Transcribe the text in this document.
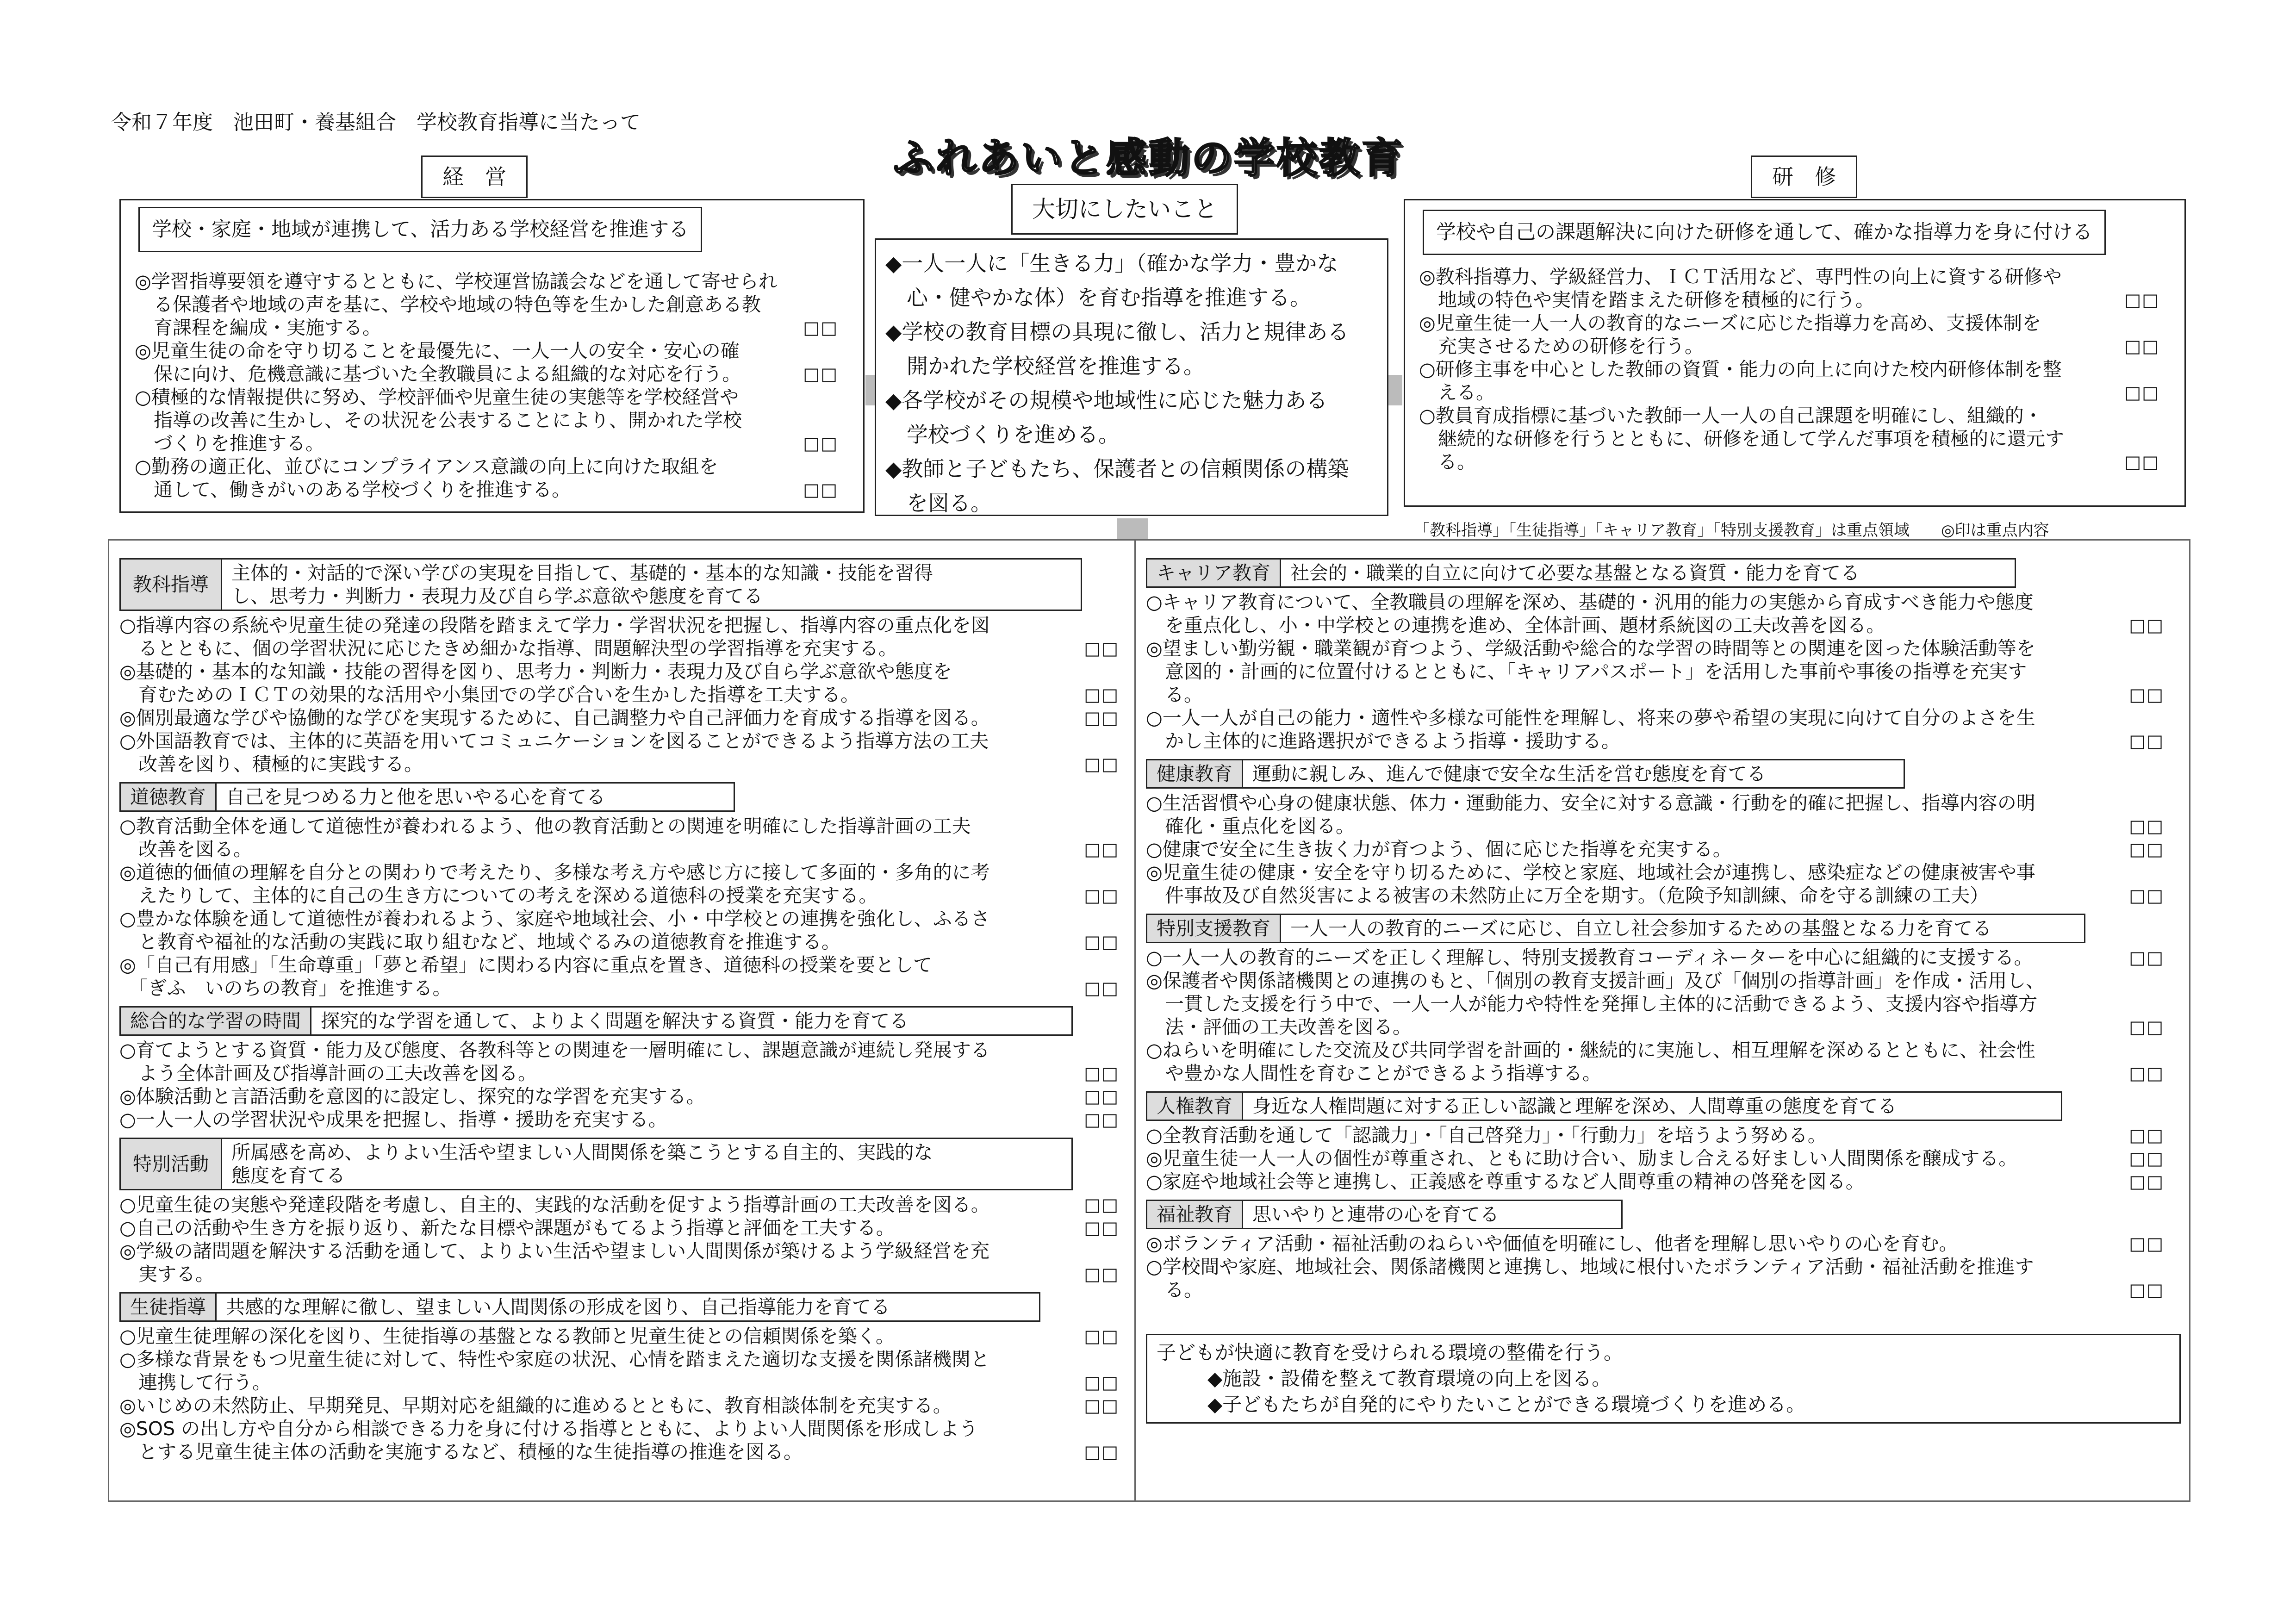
令和７年度　池田町・養基組合　学校教育指導に当たって
ふれあいと感動の学校教育
経　営
学校・家庭・地域が連携して、活力ある学校経営を推進する
◎学習指導要領を遵守するとともに、学校運営協議会などを通して寄せられ
　る保護者や地域の声を基に、学校や地域の特色等を生かした創意ある教
　育課程を編成・実施する。	□□
◎児童生徒の命を守り切ることを最優先に、一人一人の安全・安心の確
　保に向け、危機意識に基づいた全教職員による組織的な対応を行う。	□□
○積極的な情報提供に努め、学校評価や児童生徒の実態等を学校経営や
　指導の改善に生かし、その状況を公表することにより、開かれた学校
　づくりを推進する。	□□
○勤務の適正化、並びにコンプライアンス意識の向上に向けた取組を
　通して、働きがいのある学校づくりを推進する。	□□
大切にしたいこと
◆一人一人に「生きる力」（確かな学力・豊かな
　心・健やかな体）を育む指導を推進する。
◆学校の教育目標の具現に徹し、活力と規律ある
　開かれた学校経営を推進する。
◆各学校がその規模や地域性に応じた魅力ある
　学校づくりを進める。
◆教師と子どもたち、保護者との信頼関係の構築
　を図る。
研　修
学校や自己の課題解決に向けた研修を通して、確かな指導力を身に付ける
◎教科指導力、学級経営力、ＩＣＴ活用など、専門性の向上に資する研修や
　地域の特色や実情を踏まえた研修を積極的に行う。	□□
◎児童生徒一人一人の教育的なニーズに応じた指導力を高め、支援体制を
　充実させるための研修を行う。	□□
○研修主事を中心とした教師の資質・能力の向上に向けた校内研修体制を整
　える。	□□
○教員育成指標に基づいた教師一人一人の自己課題を明確にし、組織的・
　継続的な研修を行うとともに、研修を通して学んだ事項を積極的に還元す
　る。	□□
「教科指導」「生徒指導」「キャリア教育」「特別支援教育」は重点領域　　◎印は重点内容
教科指導
主体的・対話的で深い学びの実現を目指して、基礎的・基本的な知識・技能を習得
し、思考力・判断力・表現力及び自ら学ぶ意欲や態度を育てる
○指導内容の系統や児童生徒の発達の段階を踏まえて学力・学習状況を把握し、指導内容の重点化を図
　るとともに、個の学習状況に応じたきめ細かな指導、問題解決型の学習指導を充実する。	□□
◎基礎的・基本的な知識・技能の習得を図り、思考力・判断力・表現力及び自ら学ぶ意欲や態度を
　育むためのＩＣＴの効果的な活用や小集団での学び合いを生かした指導を工夫する。	□□
◎個別最適な学びや協働的な学びを実現するために、自己調整力や自己評価力を育成する指導を図る。	□□
○外国語教育では、主体的に英語を用いてコミュニケーションを図ることができるよう指導方法の工夫
　改善を図り、積極的に実践する。	□□
道徳教育	自己を見つめる力と他を思いやる心を育てる
○教育活動全体を通して道徳性が養われるよう、他の教育活動との関連を明確にした指導計画の工夫
　改善を図る。	□□
◎道徳的価値の理解を自分との関わりで考えたり、多様な考え方や感じ方に接して多面的・多角的に考
　えたりして、主体的に自己の生き方についての考えを深める道徳科の授業を充実する。	□□
○豊かな体験を通して道徳性が養われるよう、家庭や地域社会、小・中学校との連携を強化し、ふるさ
　と教育や福祉的な活動の実践に取り組むなど、地域ぐるみの道徳教育を推進する。	□□
◎「自己有用感」「生命尊重」「夢と希望」に関わる内容に重点を置き、道徳科の授業を要として
　「ぎふ　いのちの教育」を推進する。	□□
総合的な学習の時間	探究的な学習を通して、よりよく問題を解決する資質・能力を育てる
○育てようとする資質・能力及び態度、各教科等との関連を一層明確にし、課題意識が連続し発展する
　よう全体計画及び指導計画の工夫改善を図る。	□□
◎体験活動と言語活動を意図的に設定し、探究的な学習を充実する。	□□
○一人一人の学習状況や成果を把握し、指導・援助を充実する。	□□
特別活動
所属感を高め、よりよい生活や望ましい人間関係を築こうとする自主的、実践的な
態度を育てる
○児童生徒の実態や発達段階を考慮し、自主的、実践的な活動を促すよう指導計画の工夫改善を図る。	□□
○自己の活動や生き方を振り返り、新たな目標や課題がもてるよう指導と評価を工夫する。	□□
◎学級の諸問題を解決する活動を通して、よりよい生活や望ましい人間関係が築けるよう学級経営を充
　実する。	□□
生徒指導	共感的な理解に徹し、望ましい人間関係の形成を図り、自己指導能力を育てる
○児童生徒理解の深化を図り、生徒指導の基盤となる教師と児童生徒との信頼関係を築く。	□□
○多様な背景をもつ児童生徒に対して、特性や家庭の状況、心情を踏まえた適切な支援を関係諸機関と
　連携して行う。	□□
◎いじめの未然防止、早期発見、早期対応を組織的に進めるとともに、教育相談体制を充実する。	□□
◎SOS の出し方や自分から相談できる力を身に付ける指導とともに、よりよい人間関係を形成しよう
　とする児童生徒主体の活動を実施するなど、積極的な生徒指導の推進を図る。	□□
キャリア教育	社会的・職業的自立に向けて必要な基盤となる資質・能力を育てる
○キャリア教育について、全教職員の理解を深め、基礎的・汎用的能力の実態から育成すべき能力や態度
　を重点化し、小・中学校との連携を進め、全体計画、題材系統図の工夫改善を図る。	□□
◎望ましい勤労観・職業観が育つよう、学級活動や総合的な学習の時間等との関連を図った体験活動等を
　意図的・計画的に位置付けるとともに、「キャリアパスポート」を活用した事前や事後の指導を充実す
　る。	□□
○一人一人が自己の能力・適性や多様な可能性を理解し、将来の夢や希望の実現に向けて自分のよさを生
　かし主体的に進路選択ができるよう指導・援助する。	□□
健康教育	運動に親しみ、進んで健康で安全な生活を営む態度を育てる
○生活習慣や心身の健康状態、体力・運動能力、安全に対する意識・行動を的確に把握し、指導内容の明
　確化・重点化を図る。	□□
○健康で安全に生き抜く力が育つよう、個に応じた指導を充実する。	□□
◎児童生徒の健康・安全を守り切るために、学校と家庭、地域社会が連携し、感染症などの健康被害や事
　件事故及び自然災害による被害の未然防止に万全を期す。（危険予知訓練、命を守る訓練の工夫）	□□
特別支援教育	一人一人の教育的ニーズに応じ、自立し社会参加するための基盤となる力を育てる
○一人一人の教育的ニーズを正しく理解し、特別支援教育コーディネーターを中心に組織的に支援する。	□□
◎保護者や関係諸機関との連携のもと、「個別の教育支援計画」及び「個別の指導計画」を作成・活用し、
　一貫した支援を行う中で、一人一人が能力や特性を発揮し主体的に活動できるよう、支援内容や指導方
　法・評価の工夫改善を図る。	□□
○ねらいを明確にした交流及び共同学習を計画的・継続的に実施し、相互理解を深めるとともに、社会性
　や豊かな人間性を育むことができるよう指導する。	□□
人権教育	身近な人権問題に対する正しい認識と理解を深め、人間尊重の態度を育てる
○全教育活動を通して「認識力」・「自己啓発力」・「行動力」を培うよう努める。	□□
◎児童生徒一人一人の個性が尊重され、ともに助け合い、励まし合える好ましい人間関係を醸成する。	□□
○家庭や地域社会等と連携し、正義感を尊重するなど人間尊重の精神の啓発を図る。	□□
福祉教育	思いやりと連帯の心を育てる
◎ボランティア活動・福祉活動のねらいや価値を明確にし、他者を理解し思いやりの心を育む。	□□
○学校間や家庭、地域社会、関係諸機関と連携し、地域に根付いたボランティア活動・福祉活動を推進す
　る。	□□
子どもが快適に教育を受けられる環境の整備を行う。
◆施設・設備を整えて教育環境の向上を図る。
◆子どもたちが自発的にやりたいことができる環境づくりを進める。
